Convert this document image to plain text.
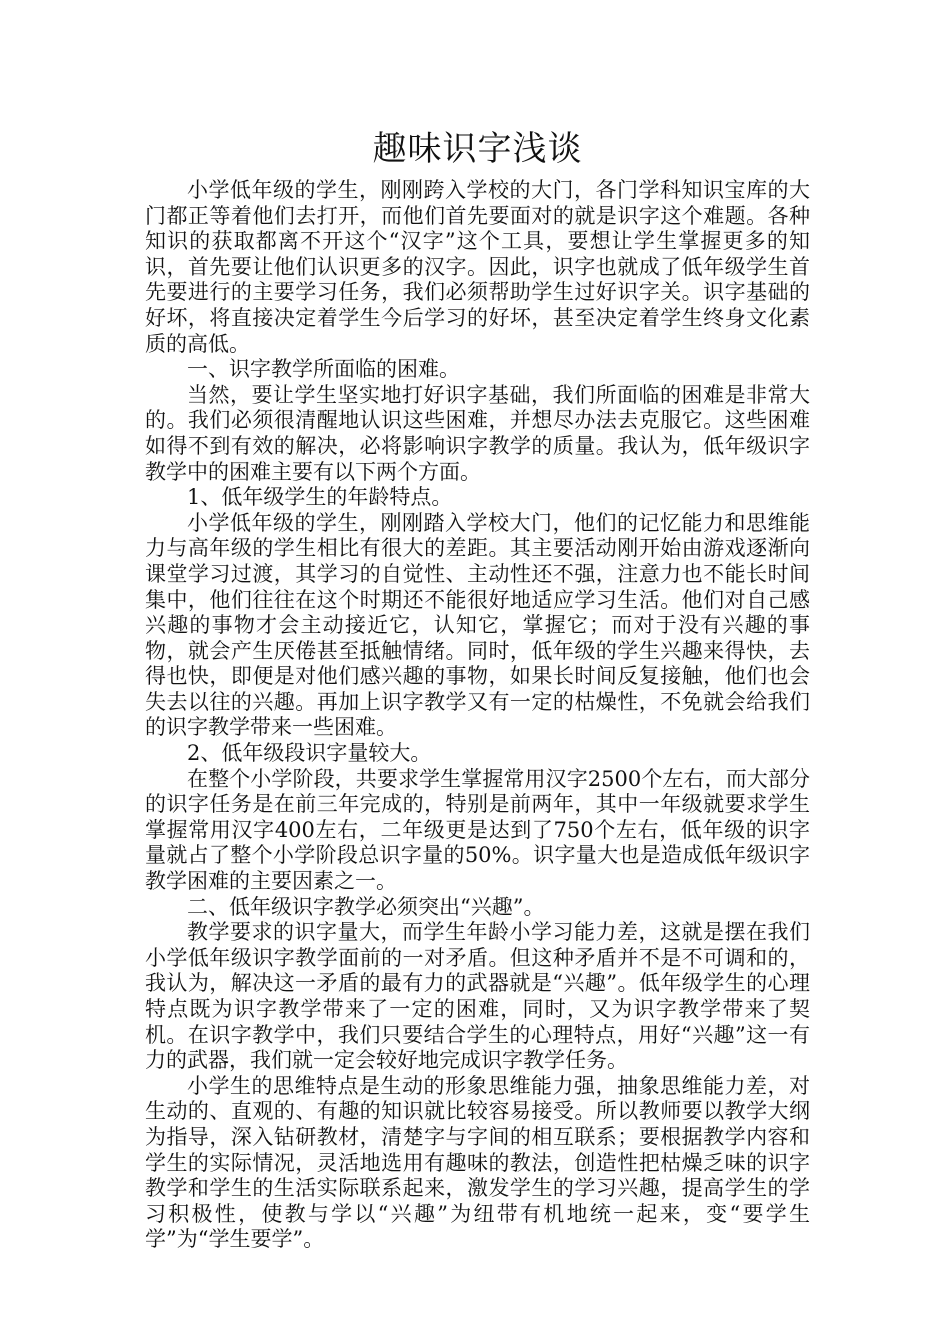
趣味识字浅谈

小学低年级的学生，刚刚跨入学校的大门，各门学科知识宝库的大门都正等着他们去打开，而他们首先要面对的就是识字这个难题。各种知识的获取都离不开这个“汉字”这个工具，要想让学生掌握更多的知识，首先要让他们认识更多的汉字。因此，识字也就成了低年级学生首先要进行的主要学习任务，我们必须帮助学生过好识字关。识字基础的好坏，将直接决定着学生今后学习的好坏，甚至决定着学生终身文化素质的高低。

一、识字教学所面临的困难。

当然，要让学生坚实地打好识字基础，我们所面临的困难是非常大的。我们必须很清醒地认识这些困难，并想尽办法去克服它。这些困难如得不到有效的解决，必将影响识字教学的质量。我认为，低年级识字教学中的困难主要有以下两个方面。

1、低年级学生的年龄特点。

小学低年级的学生，刚刚踏入学校大门，他们的记忆能力和思维能力与高年级的学生相比有很大的差距。其主要活动刚开始由游戏逐渐向课堂学习过渡，其学习的自觉性、主动性还不强，注意力也不能长时间集中，他们往往在这个时期还不能很好地适应学习生活。他们对自己感兴趣的事物才会主动接近它，认知它，掌握它；而对于没有兴趣的事物，就会产生厌倦甚至抵触情绪。同时，低年级的学生兴趣来得快，去得也快，即便是对他们感兴趣的事物，如果长时间反复接触，他们也会失去以往的兴趣。再加上识字教学又有一定的枯燥性，不免就会给我们的识字教学带来一些困难。

2、低年级段识字量较大。

在整个小学阶段，共要求学生掌握常用汉字2500个左右，而大部分的识字任务是在前三年完成的，特别是前两年，其中一年级就要求学生掌握常用汉字400左右，二年级更是达到了750个左右，低年级的识字量就占了整个小学阶段总识字量的50%。识字量大也是造成低年级识字教学困难的主要因素之一。

二、低年级识字教学必须突出“兴趣”。

教学要求的识字量大，而学生年龄小学习能力差，这就是摆在我们小学低年级识字教学面前的一对矛盾。但这种矛盾并不是不可调和的，我认为，解决这一矛盾的最有力的武器就是“兴趣”。低年级学生的心理特点既为识字教学带来了一定的困难，同时，又为识字教学带来了契机。在识字教学中，我们只要结合学生的心理特点，用好“兴趣”这一有力的武器，我们就一定会较好地完成识字教学任务。

小学生的思维特点是生动的形象思维能力强，抽象思维能力差，对生动的、直观的、有趣的知识就比较容易接受。所以教师要以教学大纲为指导，深入钻研教材，清楚字与字间的相互联系；要根据教学内容和学生的实际情况，灵活地选用有趣味的教法，创造性把枯燥乏味的识字教学和学生的生活实际联系起来，激发学生的学习兴趣，提高学生的学习积极性，使教与学以“兴趣”为纽带有机地统一起来，变“要学生学”为“学生要学”。
